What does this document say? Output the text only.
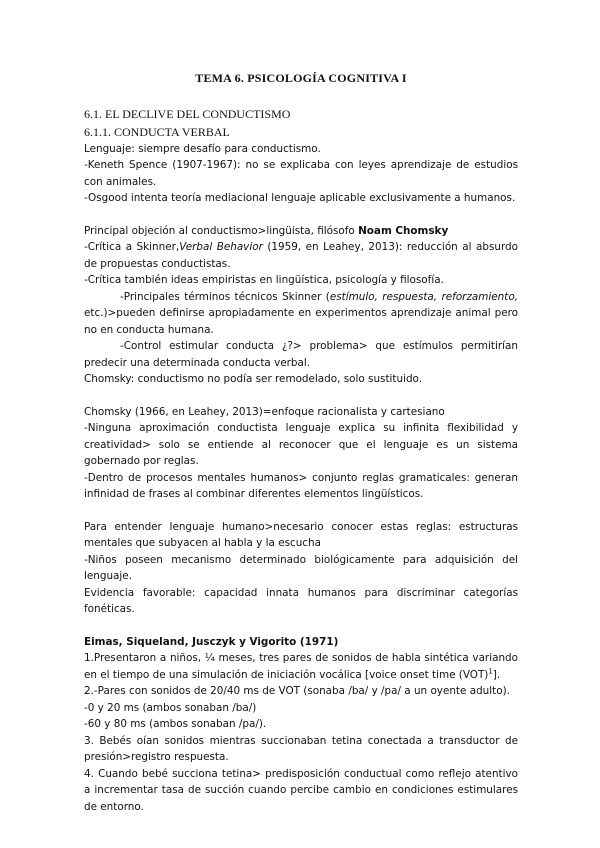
TEMA 6. PSICOLOGÍA COGNITIVA I

6.1. EL DECLIVE DEL CONDUCTISMO

6.1.1. CONDUCTA VERBAL

Lenguaje: siempre desafío para conductismo.

-Keneth Spence (1907-1967): no se explicaba con leyes aprendizaje de estudios con animales.

-Osgood intenta teoría mediacional lenguaje aplicable exclusivamente a humanos.

Principal objeción al conductismo>lingüista, filósofo Noam Chomsky

-Crítica a Skinner,Verbal Behavior (1959, en Leahey, 2013): reducción al absurdo de propuestas conductistas.

-Crítica también ideas empiristas en lingüística, psicología y filosofía.

-Principales términos técnicos Skinner (estímulo, respuesta, reforzamiento, etc.)>pueden definirse apropiadamente en experimentos aprendizaje animal pero no en conducta humana.

-Control estimular conducta ¿?> problema> que estímulos permitirían predecir una determinada conducta verbal.

Chomsky: conductismo no podía ser remodelado, solo sustituido.

Chomsky (1966, en Leahey, 2013)=enfoque racionalista y cartesiano

-Ninguna aproximación conductista lenguaje explica su infinita flexibilidad y creatividad> solo se entiende al reconocer que el lenguaje es un sistema gobernado por reglas.

-Dentro de procesos mentales humanos> conjunto reglas gramaticales: generan infinidad de frases al combinar diferentes elementos lingüísticos.

Para entender lenguaje humano>necesario conocer estas reglas: estructuras mentales que subyacen al habla y la escucha

-Niños poseen mecanismo determinado biológicamente para adquisición del lenguaje.

Evidencia favorable: capacidad innata humanos para discriminar categorías fonéticas.

Eimas, Siqueland, Jusczyk y Vigorito (1971)

1.Presentaron a niños, ¼ meses, tres pares de sonidos de habla sintética variando en el tiempo de una simulación de iniciación vocálica [voice onset time (VOT)$^1$].

2.-Pares con sonidos de 20/40 ms de VOT (sonaba /ba/ y /pa/ a un oyente adulto).

-0 y 20 ms (ambos sonaban /ba/)

-60 y 80 ms (ambos sonaban /pa/).

3. Bebés oían sonidos mientras succionaban tetina conectada a transductor de presión>registro respuesta.

4. Cuando bebé succiona tetina> predisposición conductual como reflejo atentivo a incrementar tasa de succión cuando percibe cambio en condiciones estimulares de entorno.
